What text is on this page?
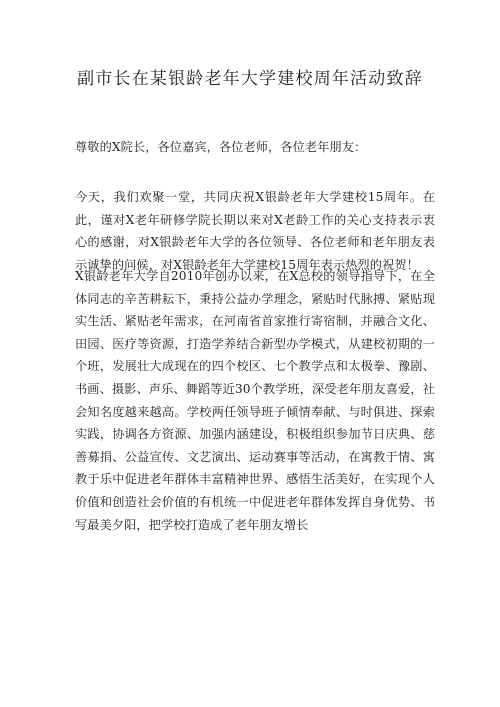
副市长在某银龄老年大学建校周年活动致辞
尊敬的X院长，各位嘉宾，各位老师，各位老年朋友：
今天，我们欢聚一堂，共同庆祝X银龄老年大学建校15周年。在此，谨对X老年研修学院长期以来对X老龄工作的关心支持表示衷心的感谢，对X银龄老年大学的各位领导、各位老师和老年朋友表示诚挚的问候，对X银龄老年大学建校15周年表示热烈的祝贺！
X银龄老年大学自2010年创办以来，在X总校的领导指导下，在全体同志的辛苦耕耘下，秉持公益办学理念，紧贴时代脉搏、紧贴现实生活、紧贴老年需求，在河南省首家推行寄宿制，并融合文化、田园、医疗等资源，打造学养结合新型办学模式，从建校初期的一个班，发展壮大成现在的四个校区、七个教学点和太极拳、豫剧、书画、摄影、声乐、舞蹈等近30个教学班，深受老年朋友喜爱，社会知名度越来越高。学校两任领导班子倾情奉献、与时俱进、探索实践，协调各方资源、加强内涵建设，积极组织参加节日庆典、慈善募捐、公益宣传、文艺演出、运动赛事等活动，在寓教于情、寓教于乐中促进老年群体丰富精神世界、感悟生活美好，在实现个人价值和创造社会价值的有机统一中促进老年群体发挥自身优势、书写最美夕阳，把学校打造成了老年朋友增长
